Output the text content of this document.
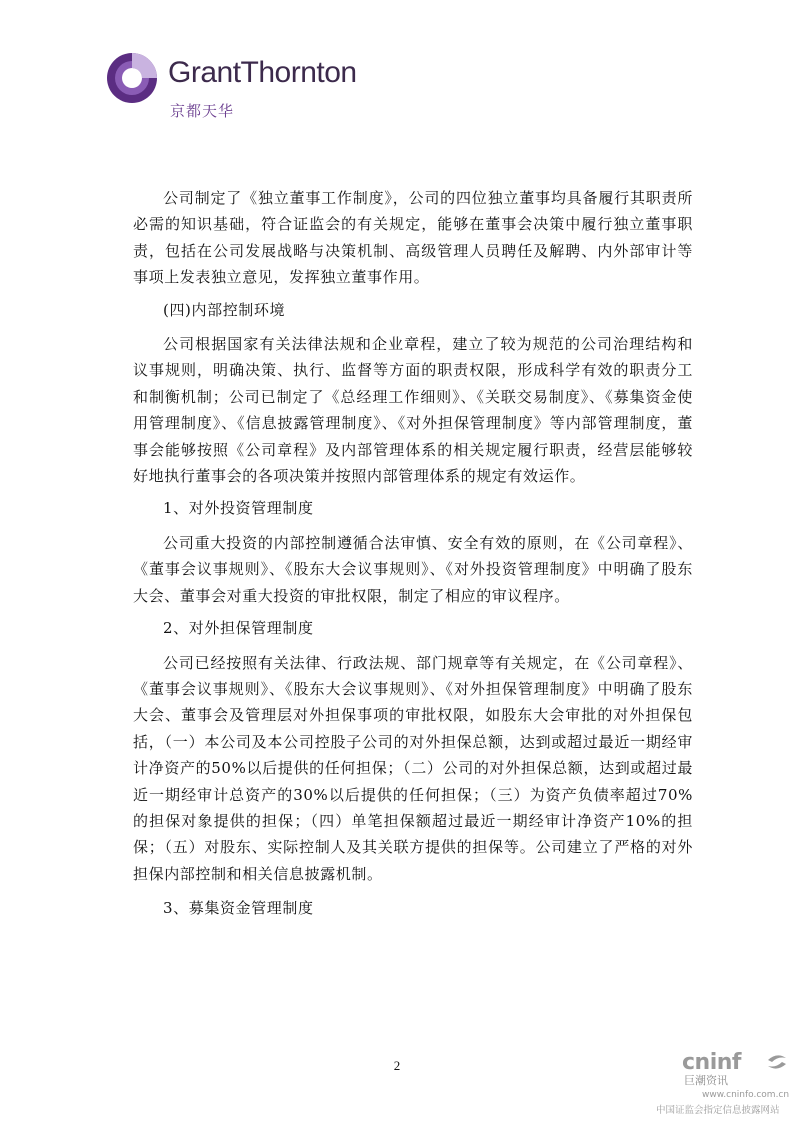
GrantThornton
京都天华

公司制定了《独立董事工作制度》，公司的四位独立董事均具备履行其职责所必需的知识基础，符合证监会的有关规定，能够在董事会决策中履行独立董事职责，包括在公司发展战略与决策机制、高级管理人员聘任及解聘、内外部审计等事项上发表独立意见，发挥独立董事作用。

(四)内部控制环境

公司根据国家有关法律法规和企业章程，建立了较为规范的公司治理结构和议事规则，明确决策、执行、监督等方面的职责权限，形成科学有效的职责分工和制衡机制；公司已制定了《总经理工作细则》、《关联交易制度》、《募集资金使用管理制度》、《信息披露管理制度》、《对外担保管理制度》等内部管理制度，董事会能够按照《公司章程》及内部管理体系的相关规定履行职责，经营层能够较好地执行董事会的各项决策并按照内部管理体系的规定有效运作。

1、对外投资管理制度

公司重大投资的内部控制遵循合法审慎、安全有效的原则，在《公司章程》、《董事会议事规则》、《股东大会议事规则》、《对外投资管理制度》中明确了股东大会、董事会对重大投资的审批权限，制定了相应的审议程序。

2、对外担保管理制度

公司已经按照有关法律、行政法规、部门规章等有关规定，在《公司章程》、《董事会议事规则》、《股东大会议事规则》、《对外担保管理制度》中明确了股东大会、董事会及管理层对外担保事项的审批权限，如股东大会审批的对外担保包括，（一）本公司及本公司控股子公司的对外担保总额，达到或超过最近一期经审计净资产的50%以后提供的任何担保；（二）公司的对外担保总额，达到或超过最近一期经审计总资产的30%以后提供的任何担保；（三）为资产负债率超过70%的担保对象提供的担保；（四）单笔担保额超过最近一期经审计净资产10%的担保；（五）对股东、实际控制人及其关联方提供的担保等。公司建立了严格的对外担保内部控制和相关信息披露机制。

3、募集资金管理制度

2	cninf
巨潮资讯
www.cninfo.com.cn
中国证监会指定信息披露网站
